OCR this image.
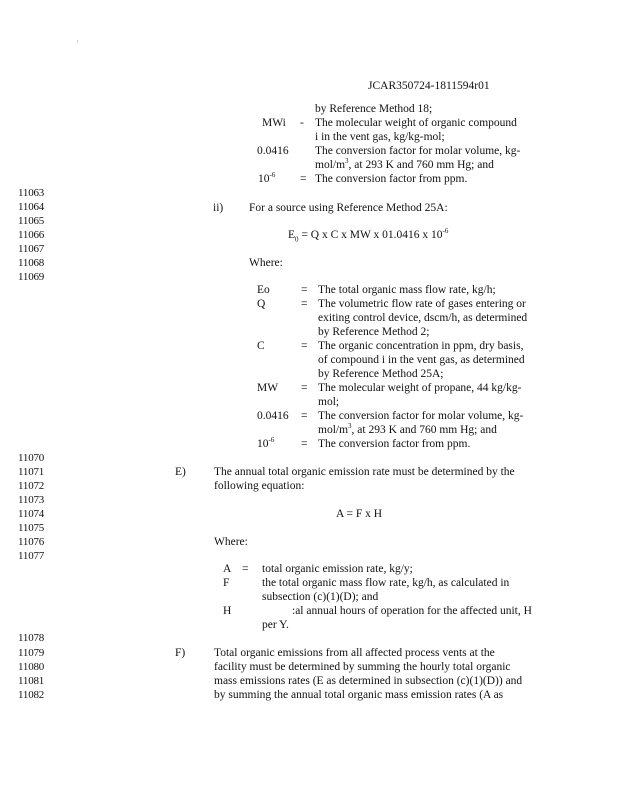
'
JCAR350724-1811594r01
11063
11064
11065
11066
11067
11068
11069
11070
11071
11072
11073
11074
11075
11076
11077
11078
11079
11080
11081
11082
by Reference Method 18;
MWi - The molecular weight of organic compound
i in the vent gas, kg/kg-mol;
0.0416 The conversion factor for molar volume, kg-
mol/$m^3$, at 293 K and 760 mm Hg; and
$10^{-6}$ = The conversion factor from ppm.
ii) For a source using Reference Method 25A:
$E_0 = Q$ x C x MW x 01.0416 x $10^{-6}$
Where:
Eo	= The total organic mass flow rate, kg/h;
Q	= The volumetric flow rate of gases entering or
exiting control device, dscm/h, as determined
by Reference Method 2;
C	= The organic concentration in ppm, dry basis,
of compound i in the vent gas, as determined
by Reference Method 25A;
MW = The molecular weight of propane, 44 kg/kg-
mol;
0.0416 = The conversion factor for molar volume, kg-
mol/$m^3$, at 293 K and 760 mm Hg; and
$10^{-6}$ = The conversion factor from ppm.
E) The annual total organic emission rate must be determined by the
following equation:
A = F x H
Where:
A = total organic emission rate, kg/y;
F	the total organic mass flow rate, kg/h, as calculated in
subsection (c)(1)(D); and
H	:al annual hours of operation for the affected unit, H
per Y.
F)	Total organic emissions from all affected process vents at the
facility must be determined by summing the hourly total organic
mass emissions rates (E as determined in subsection (c)(1)(D)) and
by summing the annual total organic mass emission rates (A as
